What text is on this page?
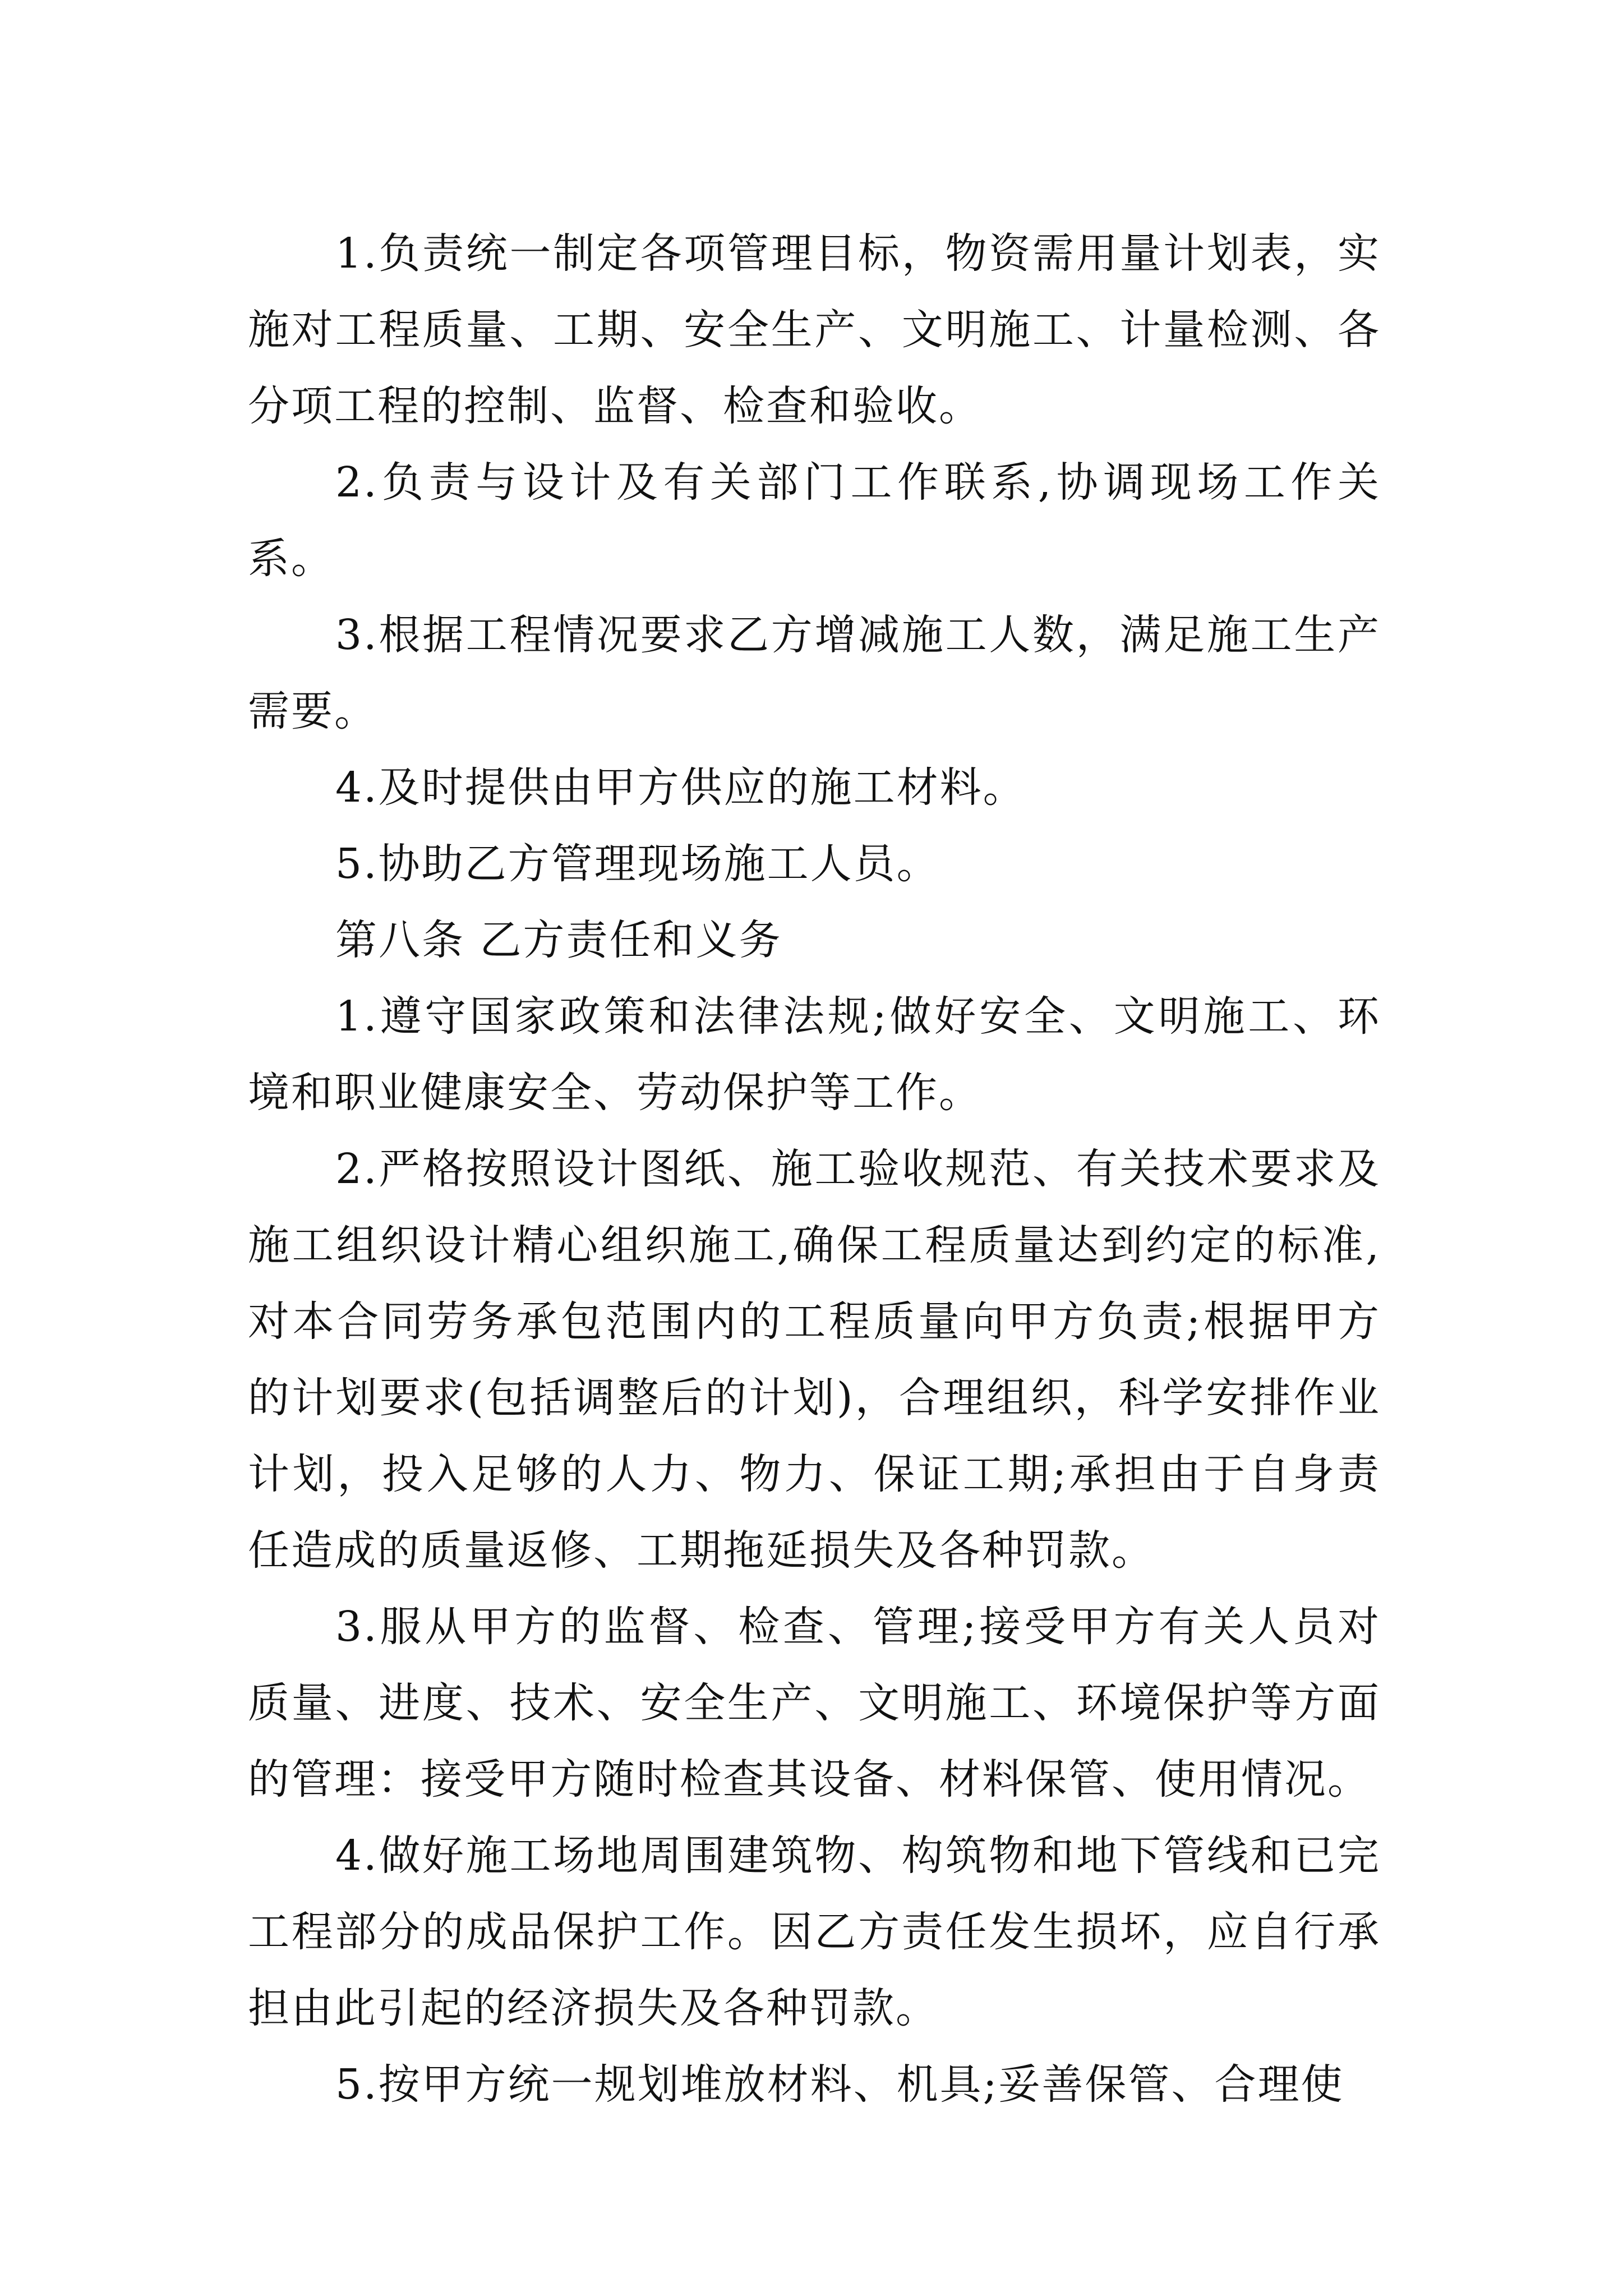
1.负责统一制定各项管理目标，物资需用量计划表，实施对工程质量、工期、安全生产、文明施工、计量检测、各分项工程的控制、监督、检查和验收。

2.负责与设计及有关部门工作联系,协调现场工作关系。

3.根据工程情况要求乙方增减施工人数，满足施工生产需要。

4.及时提供由甲方供应的施工材料。

5.协助乙方管理现场施工人员。

第八条 乙方责任和义务

1.遵守国家政策和法律法规;做好安全、文明施工、环境和职业健康安全、劳动保护等工作。

2.严格按照设计图纸、施工验收规范、有关技术要求及施工组织设计精心组织施工,确保工程质量达到约定的标准,对本合同劳务承包范围内的工程质量向甲方负责;根据甲方的计划要求(包括调整后的计划)，合理组织，科学安排作业计划，投入足够的人力、物力、保证工期;承担由于自身责任造成的质量返修、工期拖延损失及各种罚款。

3.服从甲方的监督、检查、管理;接受甲方有关人员对质量、进度、技术、安全生产、文明施工、环境保护等方面的管理：接受甲方随时检查其设备、材料保管、使用情况。

4.做好施工场地周围建筑物、构筑物和地下管线和已完工程部分的成品保护工作。因乙方责任发生损坏，应自行承担由此引起的经济损失及各种罚款。

5.按甲方统一规划堆放材料、机具;妥善保管、合理使
